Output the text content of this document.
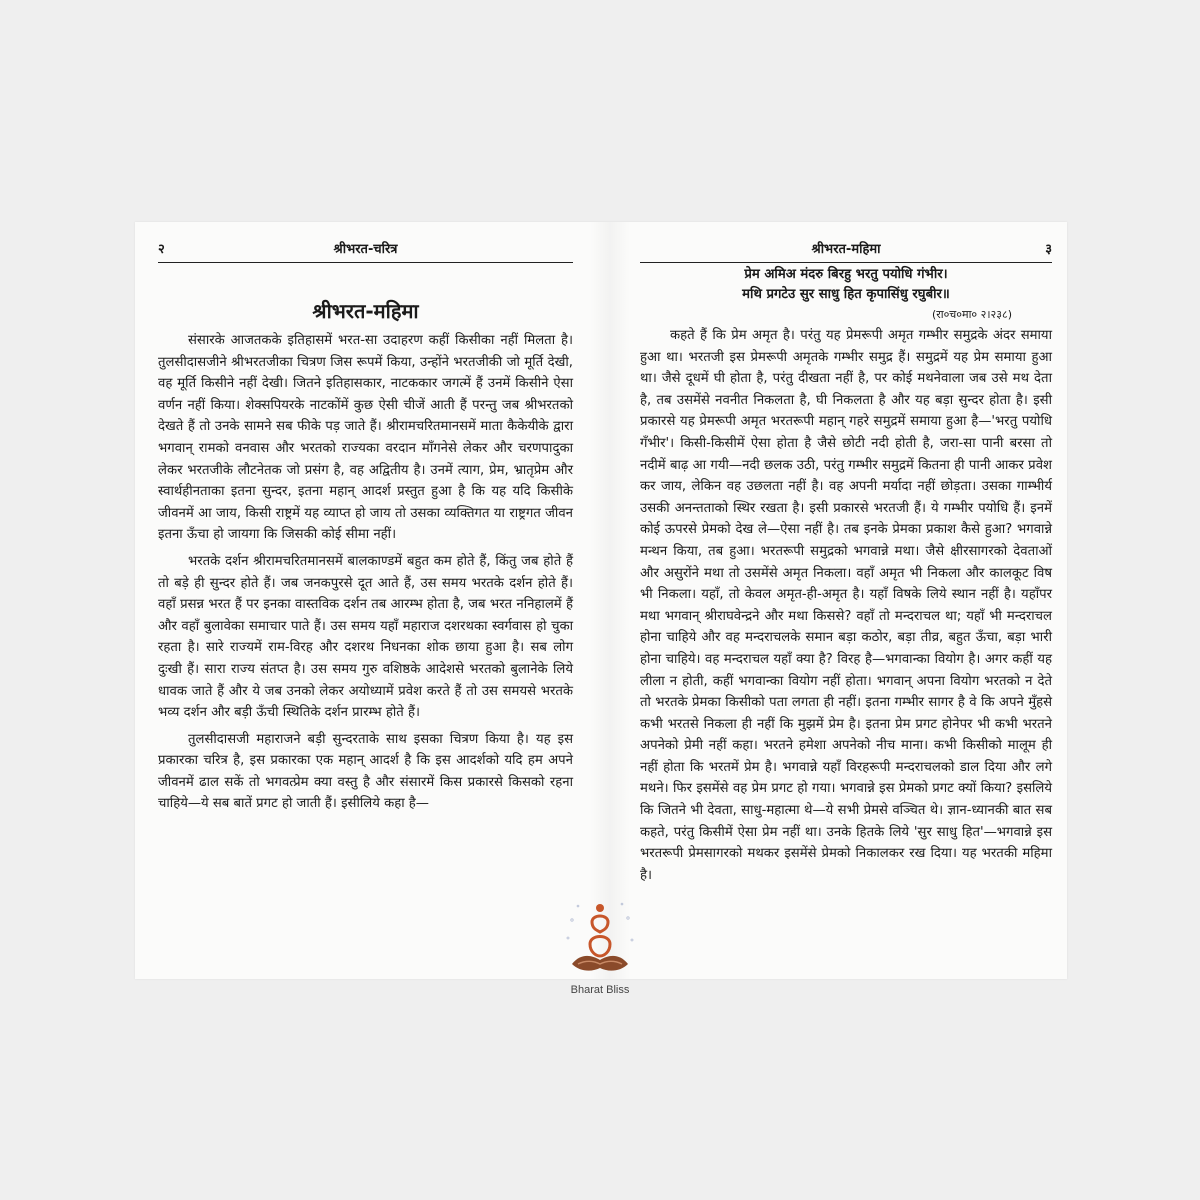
२	श्रीभरत-चरित्र
श्रीभरत-महिमा

संसारके आजतकके इतिहासमें भरत-सा उदाहरण कहीं किसीका नहीं मिलता है। तुलसीदासजीने श्रीभरतजीका चित्रण जिस रूपमें किया, उन्होंने भरतजीकी जो मूर्ति देखी, वह मूर्ति किसीने नहीं देखी। जितने इतिहासकार, नाटककार जगत्में हैं उनमें किसीने ऐसा वर्णन नहीं किया। शेक्सपियरके नाटकोंमें कुछ ऐसी चीजें आती हैं परन्तु जब श्रीभरतको देखते हैं तो उनके सामने सब फीके पड़ जाते हैं। श्रीरामचरितमानसमें माता कैकेयीके द्वारा भगवान् रामको वनवास और भरतको राज्यका वरदान माँगनेसे लेकर और चरणपादुका लेकर भरतजीके लौटनेतक जो प्रसंग है, वह अद्वितीय है। उनमें त्याग, प्रेम, भ्रातृप्रेम और स्वार्थहीनताका इतना सुन्दर, इतना महान् आदर्श प्रस्तुत हुआ है कि यह यदि किसीके जीवनमें आ जाय, किसी राष्ट्रमें यह व्याप्त हो जाय तो उसका व्यक्तिगत या राष्ट्रगत जीवन इतना ऊँचा हो जायगा कि जिसकी कोई सीमा नहीं।

भरतके दर्शन श्रीरामचरितमानसमें बालकाण्डमें बहुत कम होते हैं, किंतु जब होते हैं तो बड़े ही सुन्दर होते हैं। जब जनकपुरसे दूत आते हैं, उस समय भरतके दर्शन होते हैं। वहाँ प्रसन्न भरत हैं पर इनका वास्तविक दर्शन तब आरम्भ होता है, जब भरत ननिहालमें हैं और वहाँ बुलावेका समाचार पाते हैं। उस समय यहाँ महाराज दशरथका स्वर्गवास हो चुका रहता है। सारे राज्यमें राम-विरह और दशरथ निधनका शोक छाया हुआ है। सब लोग दुःखी हैं। सारा राज्य संतप्त है। उस समय गुरु वशिष्ठके आदेशसे भरतको बुलानेके लिये धावक जाते हैं और ये जब उनको लेकर अयोध्यामें प्रवेश करते हैं तो उस समयसे भरतके भव्य दर्शन और बड़ी ऊँची स्थितिके दर्शन प्रारम्भ होते हैं।

तुलसीदासजी महाराजने बड़ी सुन्दरताके साथ इसका चित्रण किया है। यह इस प्रकारका चरित्र है, इस प्रकारका एक महान् आदर्श है कि इस आदर्शको यदि हम अपने जीवनमें ढाल सकें तो भगवत्प्रेम क्या वस्तु है और संसारमें किस प्रकारसे किसको रहना चाहिये—ये सब बातें प्रगट हो जाती हैं। इसीलिये कहा है—

श्रीभरत-महिमा	३
प्रेम अमिअ मंदरु बिरहु भरतु पयोधि गंभीर।
मथि प्रगटेउ सुर साधु हित कृपासिंधु रघुबीर॥
(रा०च०मा० २।२३८)

कहते हैं कि प्रेम अमृत है। परंतु यह प्रेमरूपी अमृत गम्भीर समुद्रके अंदर समाया हुआ था। भरतजी इस प्रेमरूपी अमृतके गम्भीर समुद्र हैं। समुद्रमें यह प्रेम समाया हुआ था। जैसे दूधमें घी होता है, परंतु दीखता नहीं है, पर कोई मथनेवाला जब उसे मथ देता है, तब उसमेंसे नवनीत निकलता है, घी निकलता है और यह बड़ा सुन्दर होता है। इसी प्रकारसे यह प्रेमरूपी अमृत भरतरूपी महान् गहरे समुद्रमें समाया हुआ है—'भरतु पयोधि गँभीर'। किसी-किसीमें ऐसा होता है जैसे छोटी नदी होती है, जरा-सा पानी बरसा तो नदीमें बाढ़ आ गयी—नदी छलक उठी, परंतु गम्भीर समुद्रमें कितना ही पानी आकर प्रवेश कर जाय, लेकिन वह उछलता नहीं है। वह अपनी मर्यादा नहीं छोड़ता। उसका गाम्भीर्य उसकी अनन्तताको स्थिर रखता है। इसी प्रकारसे भरतजी हैं। ये गम्भीर पयोधि हैं। इनमें कोई ऊपरसे प्रेमको देख ले—ऐसा नहीं है। तब इनके प्रेमका प्रकाश कैसे हुआ? भगवान्ने मन्थन किया, तब हुआ। भरतरूपी समुद्रको भगवान्ने मथा। जैसे क्षीरसागरको देवताओं और असुरोंने मथा तो उसमेंसे अमृत निकला। वहाँ अमृत भी निकला और कालकूट विष भी निकला। यहाँ, तो केवल अमृत-ही-अमृत है। यहाँ विषके लिये स्थान नहीं है। यहाँपर मथा भगवान् श्रीराघवेन्द्रने और मथा किससे? वहाँ तो मन्दराचल था; यहाँ भी मन्दराचल होना चाहिये और वह मन्दराचलके समान बड़ा कठोर, बड़ा तीव्र, बहुत ऊँचा, बड़ा भारी होना चाहिये। वह मन्दराचल यहाँ क्या है? विरह है—भगवान्का वियोग है। अगर कहीं यह लीला न होती, कहीं भगवान्का वियोग नहीं होता। भगवान् अपना वियोग भरतको न देते तो भरतके प्रेमका किसीको पता लगता ही नहीं। इतना गम्भीर सागर है वे कि अपने मुँहसे कभी भरतसे निकला ही नहीं कि मुझमें प्रेम है। इतना प्रेम प्रगट होनेपर भी कभी भरतने अपनेको प्रेमी नहीं कहा। भरतने हमेशा अपनेको नीच माना। कभी किसीको मालूम ही नहीं होता कि भरतमें प्रेम है। भगवान्ने यहाँ विरहरूपी मन्दराचलको डाल दिया और लगे मथने। फिर इसमेंसे वह प्रेम प्रगट हो गया। भगवान्ने इस प्रेमको प्रगट क्यों किया? इसलिये कि जितने भी देवता, साधु-महात्मा थे—ये सभी प्रेमसे वञ्चित थे। ज्ञान-ध्यानकी बात सब कहते, परंतु किसीमें ऐसा प्रेम नहीं था। उनके हितके लिये 'सुर साधु हित'—भगवान्ने इस भरतरूपी प्रेमसागरको मथकर इसमेंसे प्रेमको निकालकर रख दिया। यह भरतकी महिमा है।

Bharat Bliss
